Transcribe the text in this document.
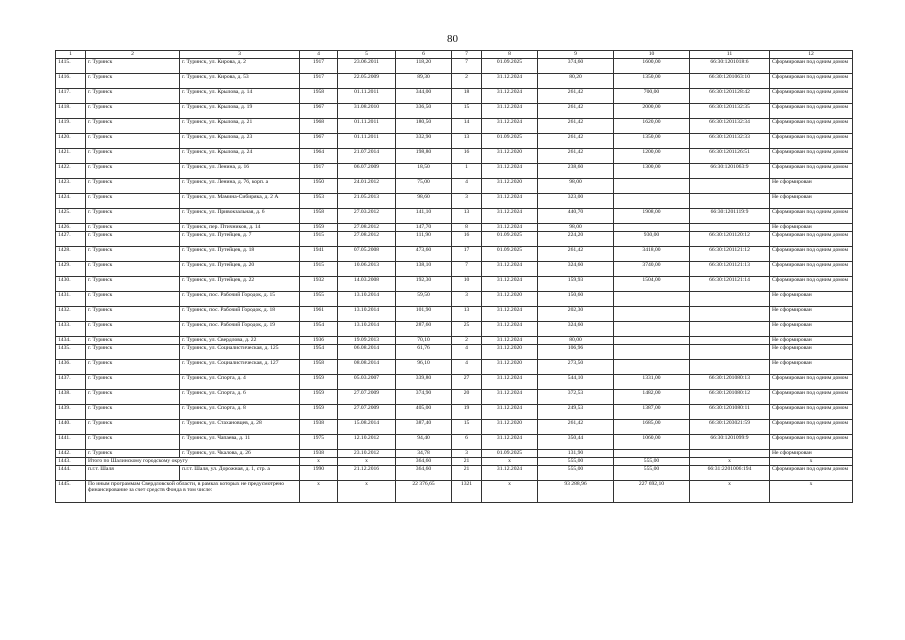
80
1	2	3	4	5	6	7	8	9	10	11	12
1415.	г. Туринск	г. Туринск, ул. Кирова, д. 2	1917	23.06.2011	118,20	7	01.09.2025	374,60	1600,00	66:30:1201018:6	Сформирован под одним домом
1416.	г. Туринск	г. Туринск, ул. Кирова, д. 53	1917	22.05.2009	89,30	2	31.12.2024	80,20	1350,00	66:30:1201063:10	Сформирован под одним домом
1417.	г. Туринск	г. Туринск, ул. Крылова, д. 14	1958	01.11.2011	344,00	18	31.12.2024	261,42	700,00	66:30:1201128:42	Сформирован под одним домом
1418.	г. Туринск	г. Туринск, ул. Крылова, д. 19	1967	31.08.2010	336,50	15	31.12.2024	261,42	2000,00	66:30:1201132:35	Сформирован под одним домом
1419.	г. Туринск	г. Туринск, ул. Крылова, д. 21	1968	01.11.2011	180,50	14	31.12.2024	261,42	1620,00	66:30:1201132:34	Сформирован под одним домом
1420.	г. Туринск	г. Туринск, ул. Крылова, д. 23	1967	01.11.2011	332,90	13	01.09.2025	261,42	1350,00	66:30:1201132:33	Сформирован под одним домом
1421.	г. Туринск	г. Туринск, ул. Крылова, д. 24	1964	21.07.2014	198,80	16	31.12.2020	261,42	1200,00	66:30:1201126:51	Сформирован под одним домом
1422.	г. Туринск	г. Туринск, ул. Ленина, д. 16	1917	06.07.2009	18,50	1	31.12.2024	238,60	1300,00	66:30:1201063:9	Сформирован под одним домом
1423.	г. Туринск	г. Туринск, ул. Ленина, д. 76, корп. а	1950	24.01.2012	75,00	4	31.12.2020	98,00			Не сформирован
1424.	г. Туринск	г. Туринск, ул. Мамина-Сибиряка, д. 2 А	1953	21.05.2013	98,60	3	31.12.2024	323,00			Не сформирован
1425.	г. Туринск	г. Туринск, ул. Привокзальная, д. 6	1958	27.03.2012	141,10	13	31.12.2024	440,70	1908,00	66:30:1201119:9	Сформирован под одним домом
1426.	г. Туринск	г. Туринск, пер. Птичников, д. 14	1959	27.08.2012	147,70	8	31.12.2024	98,00			Не сформирован
1427.	г. Туринск	г. Туринск, ул. Путейцев, д. 7	1915	27.08.2012	111,90	16	01.09.2025	224,20	930,00	66:30:1201120:12	Сформирован под одним домом
1428.	г. Туринск	г. Туринск, ул. Путейцев, д. 18	1941	07.05.2008	473,60	17	01.09.2025	261,42	3418,00	66:30:1201121:12	Сформирован под одним домом
1429.	г. Туринск	г. Туринск, ул. Путейцев, д. 20	1915	10.06.2013	138,10	7	31.12.2024	324,60	3740,00	66:30:1201121:13	Сформирован под одним домом
1430.	г. Туринск	г. Туринск, ул. Путейцев, д. 22	1932	14.03.2008	192,30	10	31.12.2024	159,93	1504,00	66:30:1201121:14	Сформирован под одним домом
1431.	г. Туринск	г. Туринск, пос. Рабочий Городок, д. 15	1955	13.10.2014	59,50	3	31.12.2020	150,60			Не сформирован
1432.	г. Туринск	г. Туринск, пос. Рабочий Городок, д. 18	1961	13.10.2014	101,90	13	31.12.2024	202,30			Не сформирован
1433.	г. Туринск	г. Туринск, пос. Рабочий Городок, д. 19	1954	13.10.2014	287,60	25	31.12.2024	324,60			Не сформирован
1434.	г. Туринск	г. Туринск, ул. Свердлова, д. 22	1936	19.09.2013	70,10	2	31.12.2024	80,00			Не сформирован
1435.	г. Туринск	г. Туринск, ул. Социалистическая, д. 125	1954	06.08.2014	61,76	4	31.12.2020	106,96			Не сформирован
1436.	г. Туринск	г. Туринск, ул. Социалистическая, д. 127	1958	08.08.2014	96,10	4	31.12.2020	273,50			Не сформирован
1437.	г. Туринск	г. Туринск, ул. Спорта, д. 4	1959	05.03.2007	339,80	27	31.12.2024	544,10	1331,00	66:30:1201080:13	Сформирован под одним домом
1438.	г. Туринск	г. Туринск, ул. Спорта, д. 6	1959	27.07.2009	374,90	20	31.12.2024	372,53	1482,00	66:30:1201080:12	Сформирован под одним домом
1439.	г. Туринск	г. Туринск, ул. Спорта, д. 8	1959	27.07.2009	405,00	19	31.12.2024	249,53	1387,00	66:30:1201080:11	Сформирован под одним домом
1440.	г. Туринск	г. Туринск, ул. Стахановцев, д. 28	1938	15.08.2014	387,40	15	31.12.2020	261,42	1685,00	66:30:1203021:59	Сформирован под одним домом
1441.	г. Туринск	г. Туринск, ул. Чапаева, д. 11	1975	12.10.2012	94,40	6	31.12.2024	350,44	1060,00	66:30:1201099:9	Сформирован под одним домом
1442.	г. Туринск	г. Туринск, ул. Чкалова, д. 26	1938	23.10.2012	34,78	3	01.09.2025	131,90			Не сформирован
1443.	Итого по Шалинскому городскому округу		x	x	364,60	21	x	555,00	555,00	x	x
1444.	п.г.т. Шаля	п.г.т. Шаля, ул. Дорожная, д. 1, стр. а	1990	21.12.2016	364,60	21	31.12.2024	555,00	555,00	66:31:2201006:194	Сформирован под одним домом
1445.	По иным программам Свердловской области, в рамках которых не предусмотрено финансирование за счет средств Фонда в том числе:		x	x	22 376,65	1321	x	93 288,96	227 692,10	x	x
